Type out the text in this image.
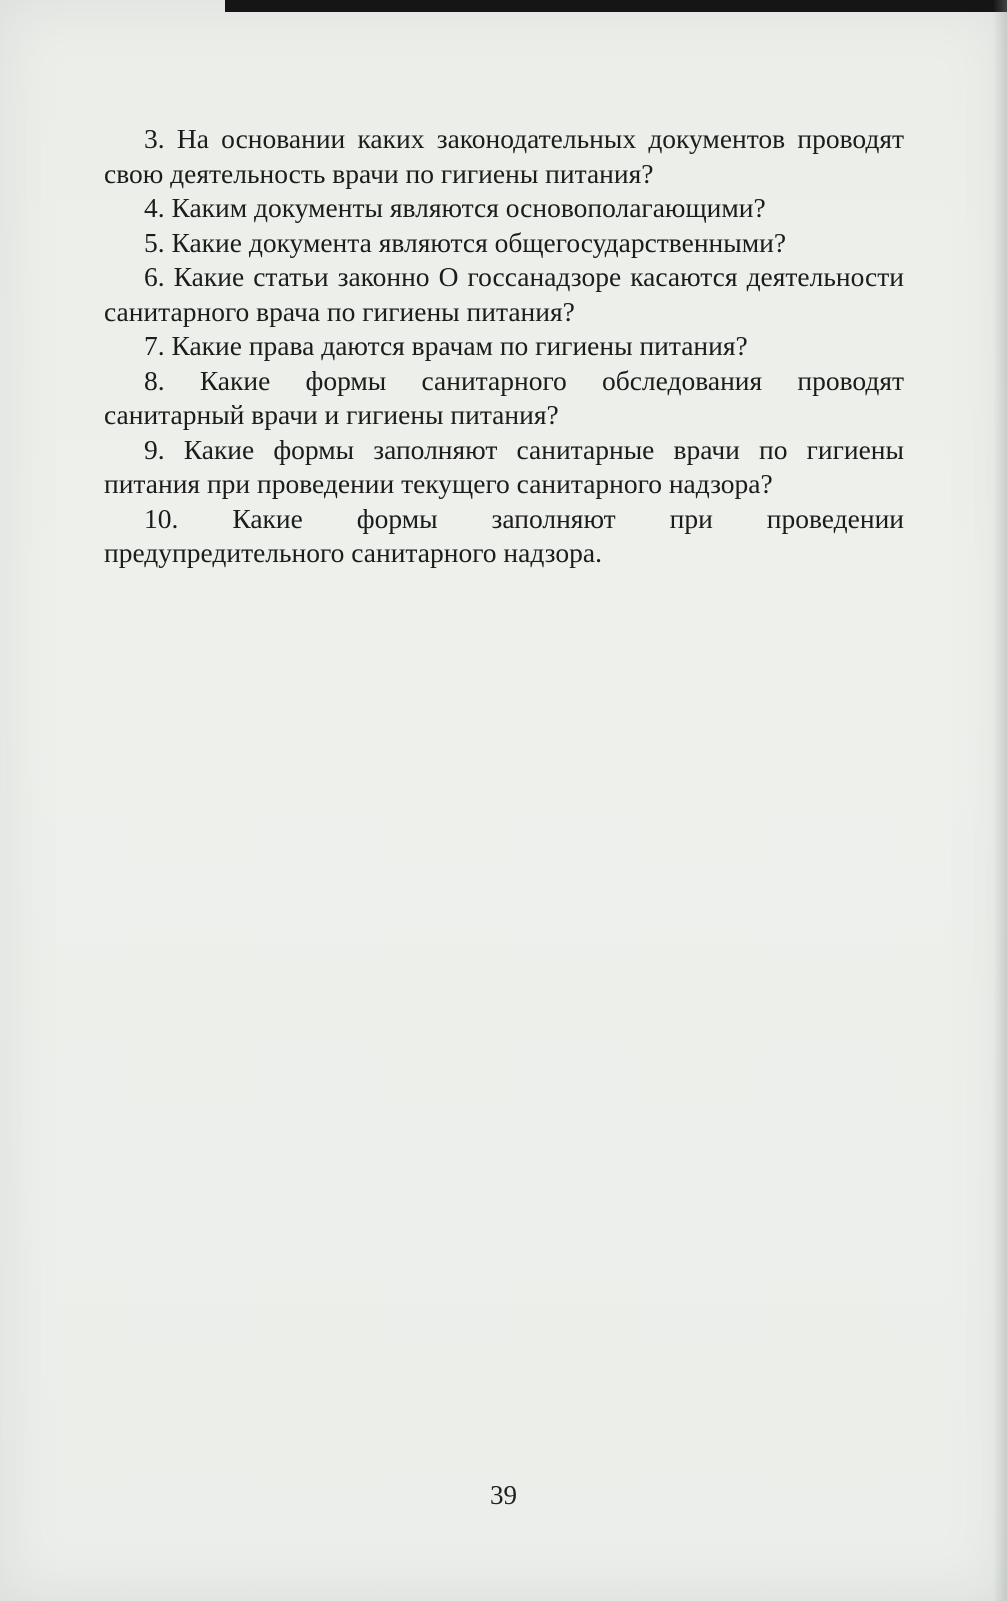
3. На основании каких законодательных документов проводят свою деятельность врачи по гигиены питания?

4. Каким документы являются основополагающими?

5. Какие документа являются общегосударственными?

6. Какие статьи законно О госсанадзоре касаются деятельности санитарного врача по гигиены питания?

7. Какие права даются врачам по гигиены питания?

8. Какие формы санитарного обследования проводят санитарный врачи и гигиены питания?

9. Какие формы заполняют санитарные врачи по гигиены питания при проведении текущего санитарного надзора?

10. Какие формы заполняют при проведении предупредительного санитарного надзора.

39
